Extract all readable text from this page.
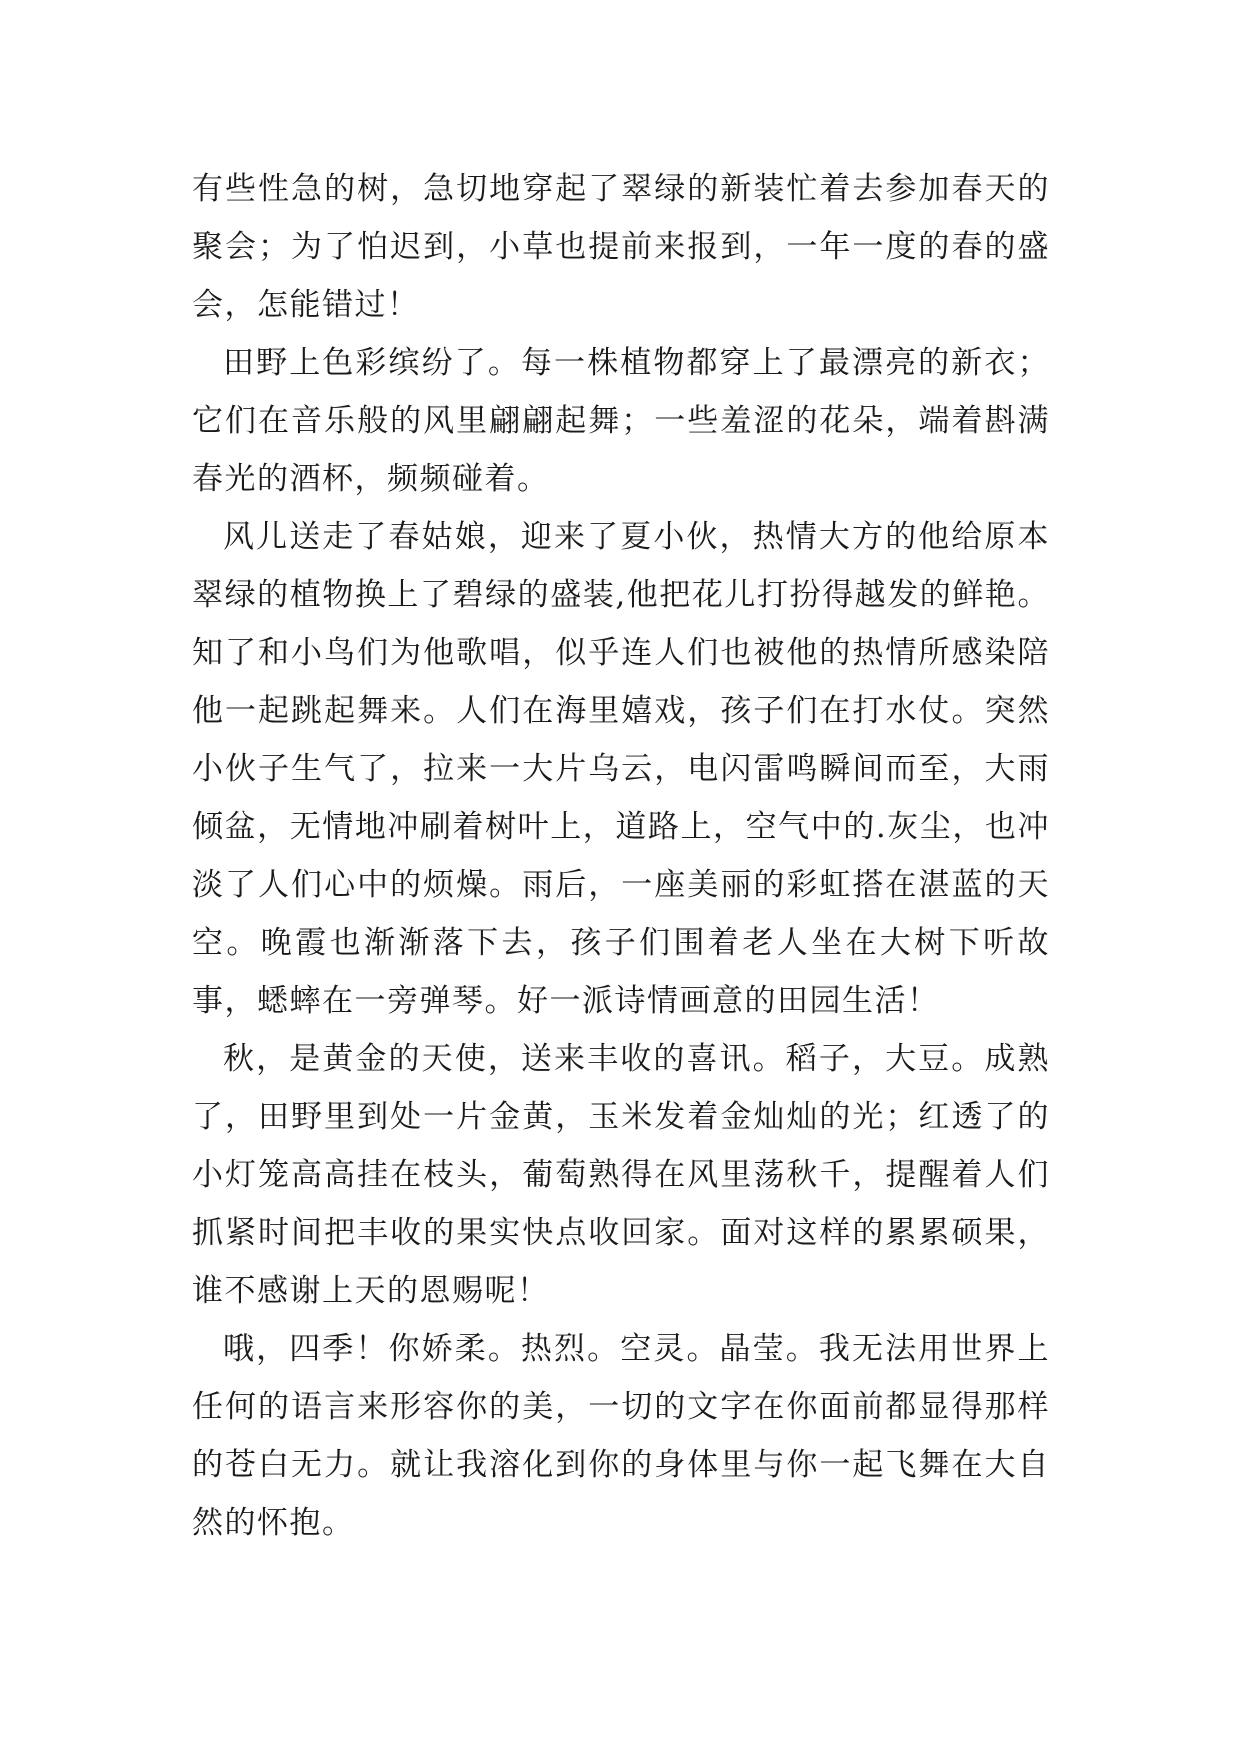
有些性急的树，急切地穿起了翠绿的新装忙着去参加春天的聚会；为了怕迟到，小草也提前来报到，一年一度的春的盛会，怎能错过！

田野上色彩缤纷了。每一株植物都穿上了最漂亮的新衣；它们在音乐般的风里翩翩起舞；一些羞涩的花朵，端着斟满春光的酒杯，频频碰着。

风儿送走了春姑娘，迎来了夏小伙，热情大方的他给原本翠绿的植物换上了碧绿的盛装,他把花儿打扮得越发的鲜艳。知了和小鸟们为他歌唱，似乎连人们也被他的热情所感染陪他一起跳起舞来。人们在海里嬉戏，孩子们在打水仗。突然小伙子生气了，拉来一大片乌云，电闪雷鸣瞬间而至，大雨倾盆，无情地冲刷着树叶上，道路上，空气中的.灰尘，也冲淡了人们心中的烦燥。雨后，一座美丽的彩虹搭在湛蓝的天空。晚霞也渐渐落下去，孩子们围着老人坐在大树下听故事，蟋蟀在一旁弹琴。好一派诗情画意的田园生活！

秋，是黄金的天使，送来丰收的喜讯。稻子，大豆。成熟了，田野里到处一片金黄，玉米发着金灿灿的光；红透了的小灯笼高高挂在枝头，葡萄熟得在风里荡秋千，提醒着人们抓紧时间把丰收的果实快点收回家。面对这样的累累硕果，谁不感谢上天的恩赐呢！

哦，四季！你娇柔。热烈。空灵。晶莹。我无法用世界上任何的语言来形容你的美，一切的文字在你面前都显得那样的苍白无力。就让我溶化到你的身体里与你一起飞舞在大自然的怀抱。
